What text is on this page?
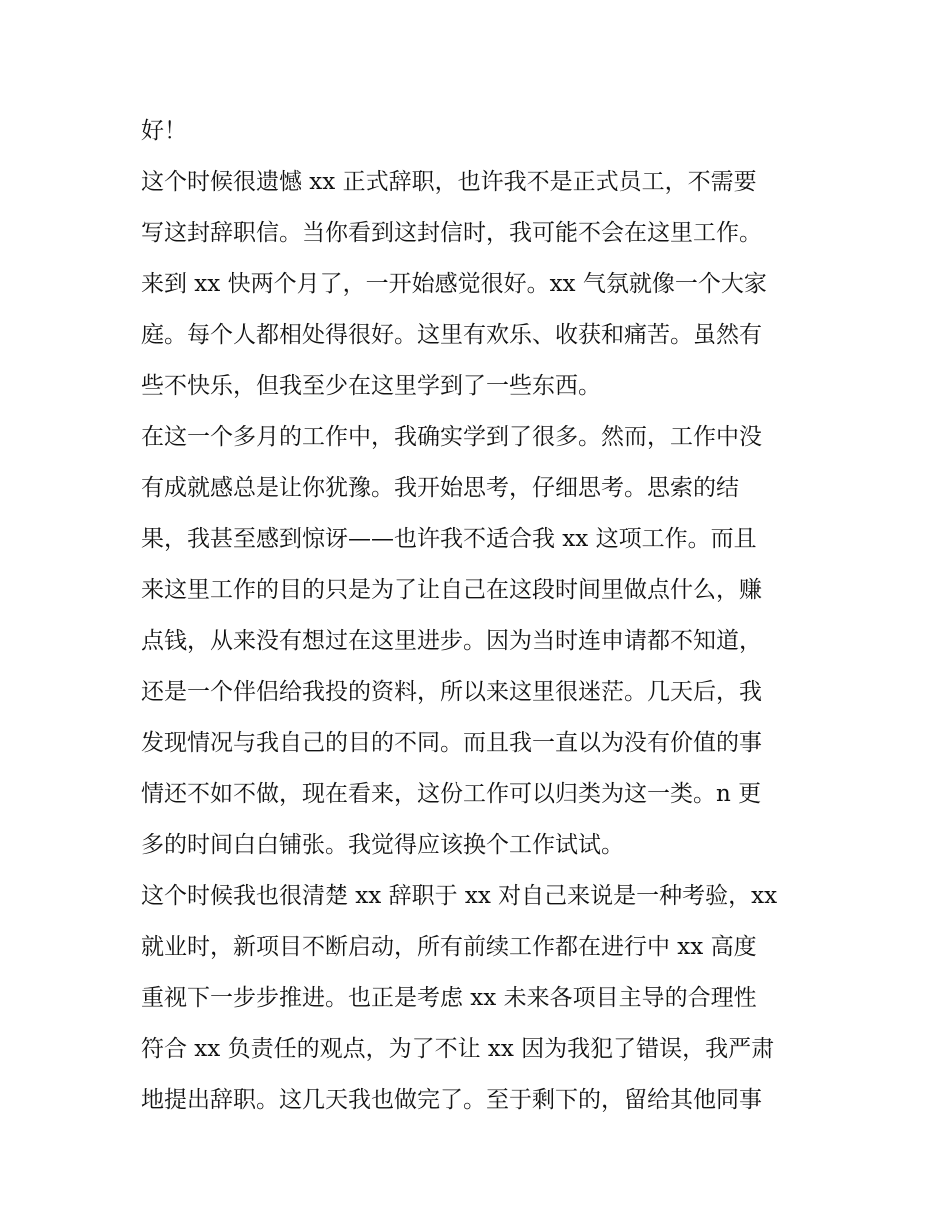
好！
这个时候很遗憾 xx 正式辞职，也许我不是正式员工，不需要
写这封辞职信。当你看到这封信时，我可能不会在这里工作。
来到 xx 快两个月了，一开始感觉很好。xx 气氛就像一个大家
庭。每个人都相处得很好。这里有欢乐、收获和痛苦。虽然有
些不快乐，但我至少在这里学到了一些东西。
在这一个多月的工作中，我确实学到了很多。然而，工作中没
有成就感总是让你犹豫。我开始思考，仔细思考。思索的结
果，我甚至感到惊讶——也许我不适合我 xx 这项工作。而且
来这里工作的目的只是为了让自己在这段时间里做点什么，赚
点钱，从来没有想过在这里进步。因为当时连申请都不知道，
还是一个伴侣给我投的资料，所以来这里很迷茫。几天后，我
发现情况与我自己的目的不同。而且我一直以为没有价值的事
情还不如不做，现在看来，这份工作可以归类为这一类。n 更
多的时间白白铺张。我觉得应该换个工作试试。
这个时候我也很清楚 xx 辞职于 xx 对自己来说是一种考验，xx
就业时，新项目不断启动，所有前续工作都在进行中 xx 高度
重视下一步步推进。也正是考虑 xx 未来各项目主导的合理性
符合 xx 负责任的观点，为了不让 xx 因为我犯了错误，我严肃
地提出辞职。这几天我也做完了。至于剩下的，留给其他同事
